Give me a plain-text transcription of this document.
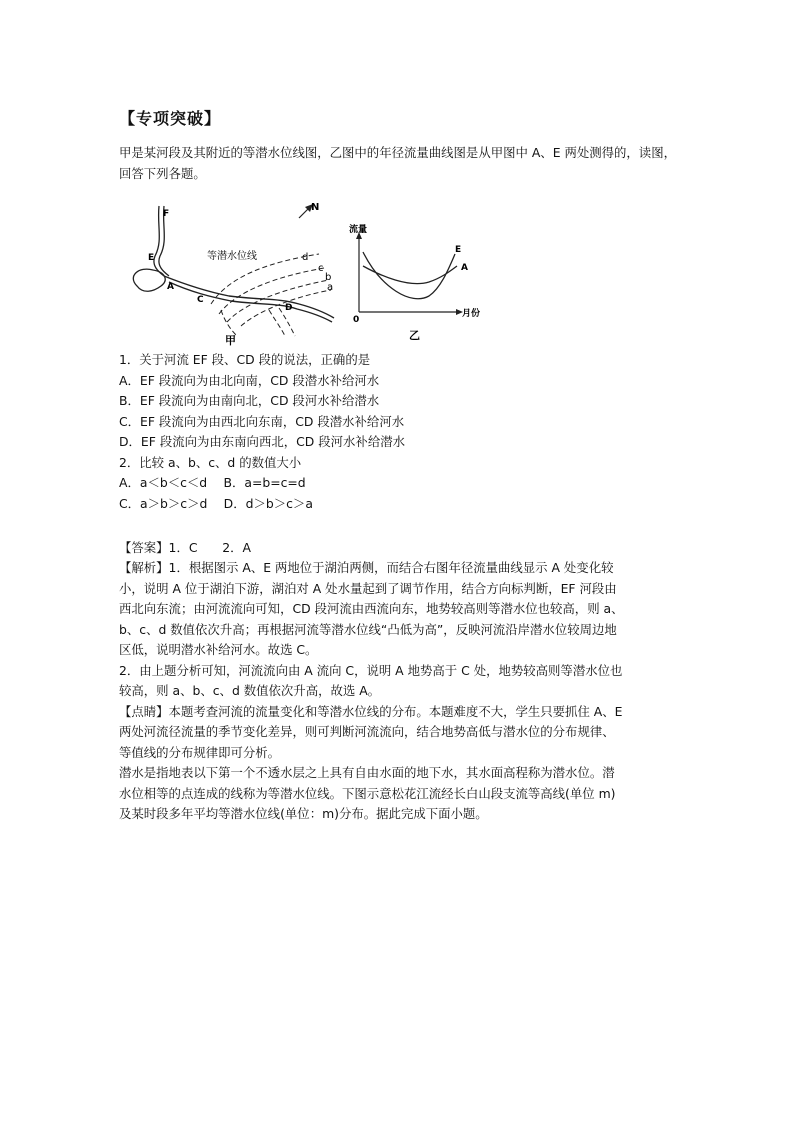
【专项突破】
甲是某河段及其附近的等潜水位线图，乙图中的年径流量曲线图是从甲图中 A、E 两处测得的，读图，回答下列各题。
F
E
A
C
D
等潜水位线	d
c
b
a
N
甲
流量
月份
0
E
A
乙
1．关于河流 EF 段、CD 段的说法，正确的是
A．EF 段流向为由北向南，CD 段潜水补给河水
B．EF 段流向为由南向北，CD 段河水补给潜水
C．EF 段流向为由西北向东南，CD 段潜水补给河水
D．EF 段流向为由东南向西北，CD 段河水补给潜水
2．比较 a、b、c、d 的数值大小
A．a＜b＜c＜d　 B．a=b=c=d
C．a＞b＞c＞d　 D．d＞b＞c＞a
【答案】1．C　　2．A
【解析】1．根据图示 A、E 两地位于湖泊两侧，而结合右图年径流量曲线显示 A 处变化较
小，说明 A 位于湖泊下游，湖泊对 A 处水量起到了调节作用，结合方向标判断，EF 河段由
西北向东流；由河流流向可知，CD 段河流由西流向东，地势较高则等潜水位也较高，则 a、
b、c、d 数值依次升高；再根据河流等潜水位线“凸低为高”，反映河流沿岸潜水位较周边地
区低，说明潜水补给河水。故选 C。
2．由上题分析可知，河流流向由 A 流向 C，说明 A 地势高于 C 处，地势较高则等潜水位也
较高，则 a、b、c、d 数值依次升高，故选 A。
【点睛】本题考查河流的流量变化和等潜水位线的分布。本题难度不大，学生只要抓住 A、E
两处河流径流量的季节变化差异，则可判断河流流向，结合地势高低与潜水位的分布规律、
等值线的分布规律即可分析。
潜水是指地表以下第一个不透水层之上具有自由水面的地下水，其水面高程称为潜水位。潜
水位相等的点连成的线称为等潜水位线。下图示意松花江流经长白山段支流等高线(单位 m)
及某时段多年平均等潜水位线(单位：m)分布。据此完成下面小题。
